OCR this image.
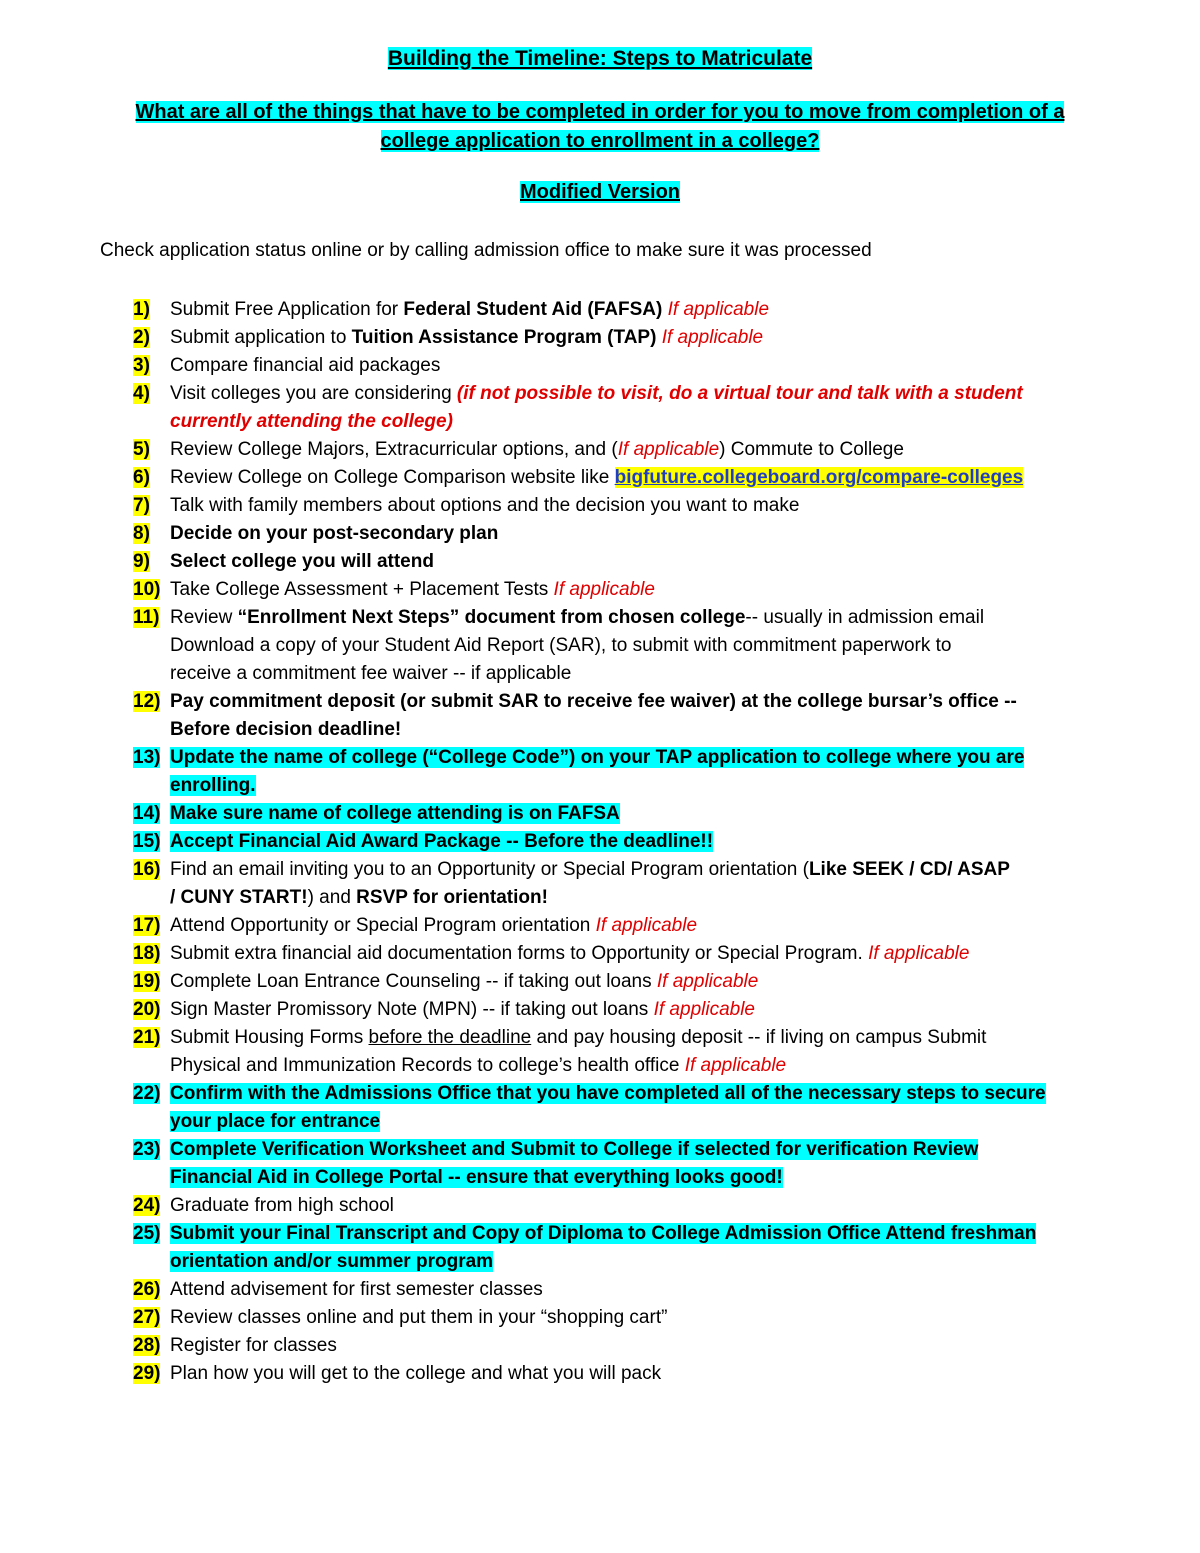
Building the Timeline: Steps to Matriculate
What are all of the things that have to be completed in order for you to move from completion of a
college application to enrollment in a college?
Modified Version
Check application status online or by calling admission office to make sure it was processed
1)	Submit Free Application for Federal Student Aid (FAFSA) If applicable
2)	Submit application to Tuition Assistance Program (TAP) If applicable
3)	Compare financial aid packages
4)	Visit colleges you are considering (if not possible to visit, do a virtual tour and talk with a student
currently attending the college)
5)	Review College Majors, Extracurricular options, and (If applicable) Commute to College
6)	Review College on College Comparison website like bigfuture.collegeboard.org/compare-colleges
7)	Talk with family members about options and the decision you want to make
8)	Decide on your post-secondary plan
9)	Select college you will attend
10) Take College Assessment + Placement Tests If applicable
11) Review “Enrollment Next Steps” document from chosen college-- usually in admission email
Download a copy of your Student Aid Report (SAR), to submit with commitment paperwork to
receive a commitment fee waiver -- if applicable
12) Pay commitment deposit (or submit SAR to receive fee waiver) at the college bursar’s office --
Before decision deadline!
13) Update the name of college (“College Code”) on your TAP application to college where you are
enrolling.
14) Make sure name of college attending is on FAFSA
15) Accept Financial Aid Award Package -- Before the deadline!!
16) Find an email inviting you to an Opportunity or Special Program orientation (Like SEEK / CD/ ASAP
/ CUNY START!) and RSVP for orientation!
17) Attend Opportunity or Special Program orientation If applicable
18) Submit extra financial aid documentation forms to Opportunity or Special Program. If applicable
19) Complete Loan Entrance Counseling -- if taking out loans If applicable
20) Sign Master Promissory Note (MPN) -- if taking out loans If applicable
21) Submit Housing Forms before the deadline and pay housing deposit -- if living on campus Submit
Physical and Immunization Records to college’s health office If applicable
22) Confirm with the Admissions Office that you have completed all of the necessary steps to secure
your place for entrance
23) Complete Verification Worksheet and Submit to College if selected for verification Review
Financial Aid in College Portal -- ensure that everything looks good!
24) Graduate from high school
25) Submit your Final Transcript and Copy of Diploma to College Admission Office Attend freshman
orientation and/or summer program
26) Attend advisement for first semester classes
27) Review classes online and put them in your “shopping cart”
28) Register for classes
29) Plan how you will get to the college and what you will pack
